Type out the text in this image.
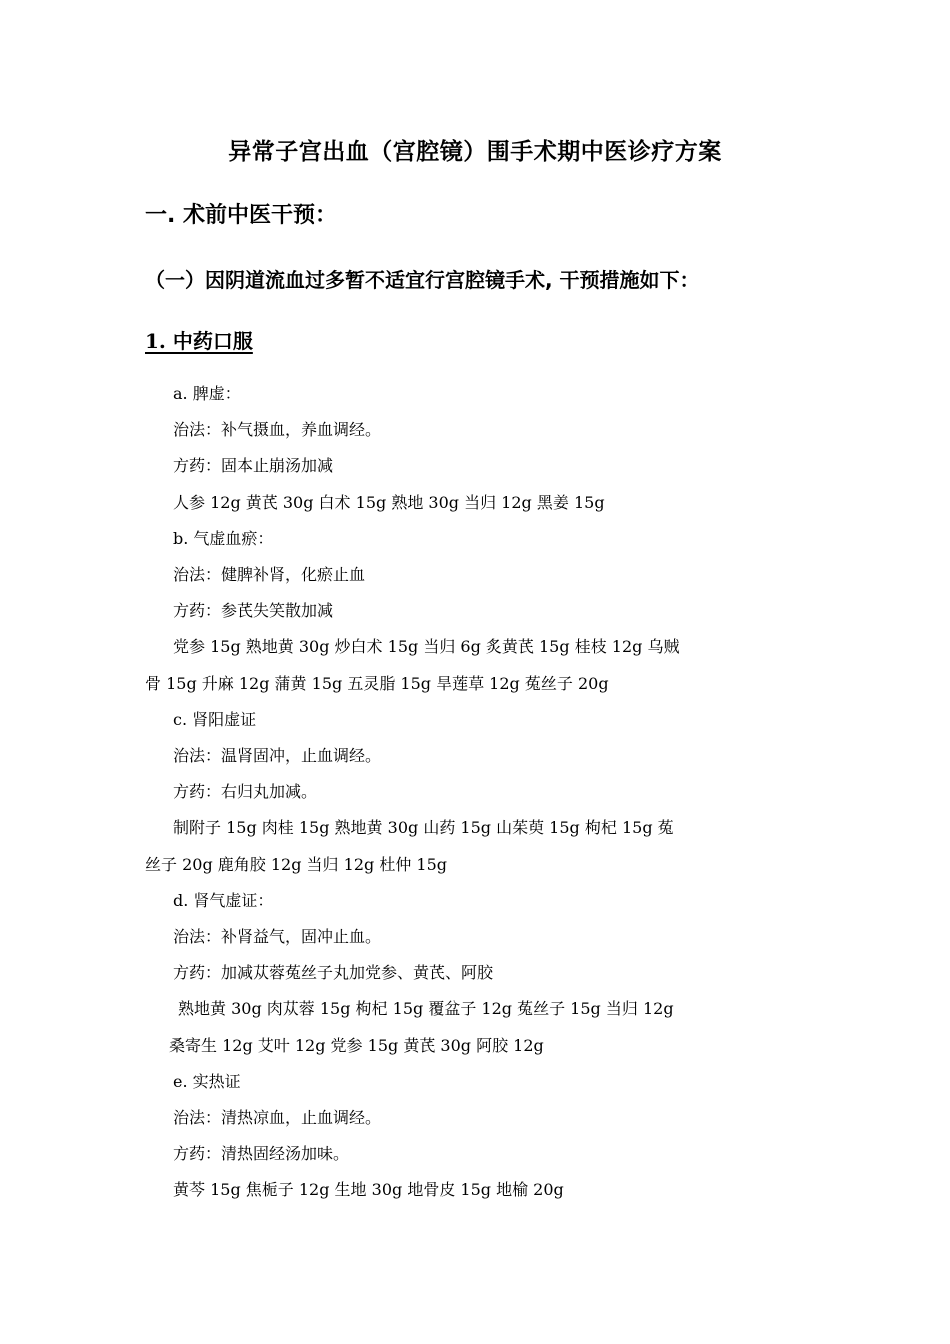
异常子宫出血（宫腔镜）围手术期中医诊疗方案
一. 术前中医干预：
（一）因阴道流血过多暂不适宜行宫腔镜手术, 干预措施如下：
1. 中药口服

a. 脾虚：

治法：补气摄血，养血调经。

方药：固本止崩汤加减

人参 12g 黄芪 30g 白术 15g 熟地 30g 当归 12g 黑姜 15g

b. 气虚血瘀：

治法：健脾补肾，化瘀止血

方药：参芪失笑散加减

党参 15g 熟地黄 30g 炒白术 15g 当归 6g 炙黄芪 15g 桂枝 12g 乌贼

骨 15g 升麻 12g 蒲黄 15g 五灵脂 15g 旱莲草 12g 菟丝子 20g

c. 肾阳虚证

治法：温肾固冲，止血调经。

方药：右归丸加减。

制附子 15g 肉桂 15g 熟地黄 30g 山药 15g 山茱萸 15g 枸杞 15g 菟

丝子 20g 鹿角胶 12g 当归 12g 杜仲 15g

d. 肾气虚证：

治法：补肾益气，固冲止血。

方药：加减苁蓉菟丝子丸加党参、黄芪、阿胶

熟地黄 30g 肉苁蓉 15g 枸杞 15g 覆盆子 12g 菟丝子 15g 当归 12g

桑寄生 12g 艾叶 12g 党参 15g 黄芪 30g 阿胶 12g

e. 实热证

治法：清热凉血，止血调经。

方药：清热固经汤加味。

黄芩 15g 焦栀子 12g 生地 30g 地骨皮 15g 地榆 20g
